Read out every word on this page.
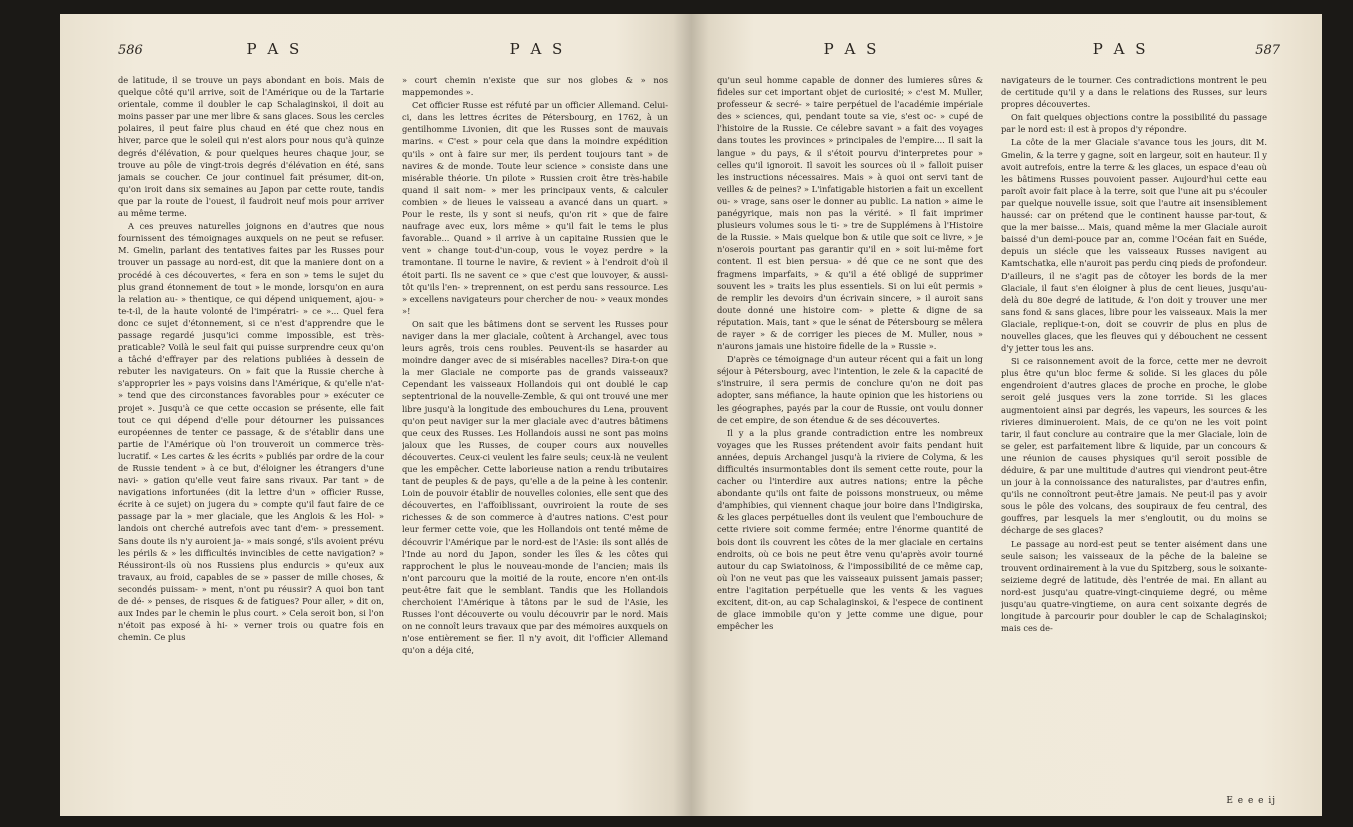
586	P A S	P A S

de latitude, il se trouve un pays abondant en bois. Mais de quelque côté qu'il arrive, soit de l'Amérique ou de la Tartarie orientale, comme il doubler le cap Schalaginskoi, il doit au moins passer par une mer libre & sans glaces. Sous les cercles polaires, il peut faire plus chaud en été que chez nous en hiver, parce que le soleil qui n'est alors pour nous qu'à quinze degrés d'élévation, & pour quelques heures chaque jour, se trouve au pôle de vingt-trois degrés d'élévation en été, sans jamais se coucher. Ce jour continuel fait présumer, dit-on, qu'on iroit dans six semaines au Japon par cette route, tandis que par la route de l'ouest, il faudroit neuf mois pour arriver au même terme.

A ces preuves naturelles joignons en d'autres que nous fournissent des témoignages auxquels on ne peut se refuser. M. Gmelin, parlant des tentatives faites par les Russes pour trouver un passage au nord-est, dit que la maniere dont on a procédé à ces découvertes, « fera en son » tems le sujet du plus grand étonnement de tout » le monde, lorsqu'on en aura la relation au- » thentique, ce qui dépend uniquement, ajou- » te-t-il, de la haute volonté de l'impératri- » ce »... Quel fera donc ce sujet d'étonnement, si ce n'est d'apprendre que le passage regardé jusqu'ici comme impossible, est très-praticable? Voilà le seul fait qui puisse surprendre ceux qu'on a tâché d'effrayer par des relations publiées à dessein de rebuter les navigateurs. On » fait que la Russie cherche à s'approprier les » pays voisins dans l'Amérique, & qu'elle n'at- » tend que des circonstances favorables pour » exécuter ce projet ». Jusqu'à ce que cette occasion se présente, elle fait tout ce qui dépend d'elle pour détourner les puissances européennes de tenter ce passage, & de s'établir dans une partie de l'Amérique où l'on trouveroit un commerce très-lucratif. « Les cartes & les écrits » publiés par ordre de la cour de Russie tendent » à ce but, d'éloigner les étrangers d'une navi- » gation qu'elle veut faire sans rivaux. Par tant » de navigations infortunées (dit la lettre d'un » officier Russe, écrite à ce sujet) on jugera du » compte qu'il faut faire de ce passage par la » mer glaciale, que les Anglois & les Hol- » landois ont cherché autrefois avec tant d'em- » pressement. Sans doute ils n'y auroient ja- » mais songé, s'ils avoient prévu les périls & » les difficultés invincibles de cette navigation? » Réussiront-ils où nos Russiens plus endurcis » qu'eux aux travaux, au froid, capables de se » passer de mille choses, & secondés puissam- » ment, n'ont pu réussir? A quoi bon tant de dé- » penses, de risques & de fatigues? Pour aller, » dit on, aux Indes par le chemin le plus court. » Cela seroit bon, si l'on n'étoit pas exposé à hi- » verner trois ou quatre fois en chemin. Ce plus

» court chemin n'existe que sur nos globes & » nos mappemondes ».

Cet officier Russe est réfuté par un officier Allemand. Celui-ci, dans les lettres écrites de Pétersbourg, en 1762, à un gentilhomme Livonien, dit que les Russes sont de mauvais marins. « C'est » pour cela que dans la moindre expédition qu'ils » ont à faire sur mer, ils perdent toujours tant » de navires & de monde. Toute leur science » consiste dans une misérable théorie. Un pilote » Russien croit être très-habile quand il sait nom- » mer les principaux vents, & calculer combien » de lieues le vaisseau a avancé dans un quart. » Pour le reste, ils y sont si neufs, qu'on rit » que de faire naufrage avec eux, lors même » qu'il fait le tems le plus favorable... Quand » il arrive à un capitaine Russien que le vent » change tout-d'un-coup, vous le voyez perdre » la tramontane. Il tourne le navire, & revient » à l'endroit d'où il étoit parti. Ils ne savent ce » que c'est que louvoyer, & aussi-tôt qu'ils l'en- » treprennent, on est perdu sans ressource. Les » excellens navigateurs pour chercher de nou- » veaux mondes »!

On sait que les bâtimens dont se servent les Russes pour naviger dans la mer glaciale, coûtent à Archangel, avec tous leurs agrês, trois cens roubles. Peuvent-ils se hasarder au moindre danger avec de si misérables nacelles? Dira-t-on que la mer Glaciale ne comporte pas de grands vaisseaux? Cependant les vaisseaux Hollandois qui ont doublé le cap septentrional de la nouvelle-Zemble, & qui ont trouvé une mer libre jusqu'à la longitude des embouchures du Lena, prouvent qu'on peut naviger sur la mer glaciale avec d'autres bâtimens que ceux des Russes. Les Hollandois aussi ne sont pas moins jaloux que les Russes, de couper cours aux nouvelles découvertes. Ceux-ci veulent les faire seuls; ceux-là ne veulent que les empêcher. Cette laborieuse nation a rendu tributaires tant de peuples & de pays, qu'elle a de la peine à les contenir. Loin de pouvoir établir de nouvelles colonies, elle sent que des découvertes, en l'affoiblissant, ouvriroient la route de ses richesses & de son commerce à d'autres nations. C'est pour leur fermer cette voie, que les Hollandois ont tenté même de découvrir l'Amérique par le nord-est de l'Asie: ils sont allés de l'Inde au nord du Japon, sonder les îles & les côtes qui rapprochent le plus le nouveau-monde de l'ancien; mais ils n'ont parcouru que la moitié de la route, encore n'en ont-ils peut-être fait que le semblant. Tandis que les Hollandois cherchoient l'Amérique à tâtons par le sud de l'Asie, les Russes l'ont découverte ou voulu découvrir par le nord. Mais on ne connoît leurs travaux que par des mémoires auxquels on n'ose entièrement se fier. Il n'y avoit, dit l'officier Allemand qu'on a déja cité,

P A S	P A S	587

qu'un seul homme capable de donner des lumieres sûres & fideles sur cet important objet de curiosité; » c'est M. Muller, professeur & secré- » taire perpétuel de l'académie impériale des » sciences, qui, pendant toute sa vie, s'est oc- » cupé de l'histoire de la Russie. Ce célebre savant » a fait des voyages dans toutes les provinces » principales de l'empire.... Il sait la langue » du pays, & il s'étoit pourvu d'interpretes pour » celles qu'il ignoroit. Il savoit les sources où il » falloit puiser les instructions nécessaires. Mais » à quoi ont servi tant de veilles & de peines? » L'infatigable historien a fait un excellent ou- » vrage, sans oser le donner au public. La nation » aime le panégyrique, mais non pas la vérité. » Il fait imprimer plusieurs volumes sous le ti- » tre de Supplémens à l'Histoire de la Russie. » Mais quelque bon & utile que soit ce livre, » je n'oserois pourtant pas garantir qu'il en » soit lui-même fort content. Il est bien persua- » dé que ce ne sont que des fragmens imparfaits, » & qu'il a été obligé de supprimer souvent les » traits les plus essentiels. Si on lui eût permis » de remplir les devoirs d'un écrivain sincere, » il auroit sans doute donné une histoire com- » plette & digne de sa réputation. Mais, tant » que le sénat de Pétersbourg se mêlera de rayer » & de corriger les pieces de M. Muller, nous » n'aurons jamais une histoire fidelle de la » Russie ».

D'après ce témoignage d'un auteur récent qui a fait un long séjour à Pétersbourg, avec l'intention, le zele & la capacité de s'instruire, il sera permis de conclure qu'on ne doit pas adopter, sans méfiance, la haute opinion que les historiens ou les géographes, payés par la cour de Russie, ont voulu donner de cet empire, de son étendue & de ses découvertes.

Il y a la plus grande contradiction entre les nombreux voyages que les Russes prétendent avoir faits pendant huit années, depuis Archangel jusqu'à la riviere de Colyma, & les difficultés insurmontables dont ils sement cette route, pour la cacher ou l'interdire aux autres nations; entre la pêche abondante qu'ils ont faite de poissons monstrueux, ou même d'amphibies, qui viennent chaque jour boire dans l'Indigirska, & les glaces perpétuelles dont ils veulent que l'embouchure de cette riviere soit comme fermée; entre l'énorme quantité de bois dont ils couvrent les côtes de la mer glaciale en certains endroits, où ce bois ne peut être venu qu'après avoir tourné autour du cap Swiatoinoss, & l'impossibilité de ce même cap, où l'on ne veut pas que les vaisseaux puissent jamais passer; entre l'agitation perpétuelle que les vents & les vagues excitent, dit-on, au cap Schalaginskoi, & l'espece de continent de glace immobile qu'on y jette comme une digue, pour empêcher les

navigateurs de le tourner. Ces contradictions montrent le peu de certitude qu'il y a dans le relations des Russes, sur leurs propres découvertes.

On fait quelques objections contre la possibilité du passage par le nord est: il est à propos d'y répondre.

La côte de la mer Glaciale s'avance tous les jours, dit M. Gmelin, & la terre y gagne, soit en largeur, soit en hauteur. Il y avoit autrefois, entre la terre & les glaces, un espace d'eau où les bâtimens Russes pouvoient passer. Aujourd'hui cette eau paroît avoir fait place à la terre, soit que l'une ait pu s'écouler par quelque nouvelle issue, soit que l'autre ait insensiblement haussé: car on prétend que le continent hausse par-tout, & que la mer baisse... Mais, quand même la mer Glaciale auroit baissé d'un demi-pouce par an, comme l'Océan fait en Suéde, depuis un siécle que les vaisseaux Russes navigent au Kamtschatka, elle n'auroit pas perdu cinq pieds de profondeur. D'ailleurs, il ne s'agit pas de côtoyer les bords de la mer Glaciale, il faut s'en éloigner à plus de cent lieues, jusqu'au-delà du 80e degré de latitude, & l'on doit y trouver une mer sans fond & sans glaces, libre pour les vaisseaux. Mais la mer Glaciale, replique-t-on, doit se couvrir de plus en plus de nouvelles glaces, que les fleuves qui y débouchent ne cessent d'y jetter tous les ans.

Si ce raisonnement avoit de la force, cette mer ne devroit plus être qu'un bloc ferme & solide. Si les glaces du pôle engendroient d'autres glaces de proche en proche, le globe seroit gelé jusques vers la zone torride. Si les glaces augmentoient ainsi par degrés, les vapeurs, les sources & les rivieres diminueroient. Mais, de ce qu'on ne les voit point tarir, il faut conclure au contraire que la mer Glaciale, loin de se geler, est parfaitement libre & liquide, par un concours & une réunion de causes physiques qu'il seroit possible de déduire, & par une multitude d'autres qui viendront peut-être un jour à la connoissance des naturalistes, par d'autres enfin, qu'ils ne connoîtront peut-être jamais. Ne peut-il pas y avoir sous le pôle des volcans, des soupiraux de feu central, des gouffres, par lesquels la mer s'engloutit, ou du moins se décharge de ses glaces?

Le passage au nord-est peut se tenter aisément dans une seule saison; les vaisseaux de la pêche de la baleine se trouvent ordinairement à la vue du Spitzberg, sous le soixante-seizieme degré de latitude, dès l'entrée de mai. En allant au nord-est jusqu'au quatre-vingt-cinquieme degré, ou même jusqu'au quatre-vingtieme, on aura cent soixante degrés de longitude à parcourir pour doubler le cap de Schalaginskoi; mais ces de-

E e e e ij
